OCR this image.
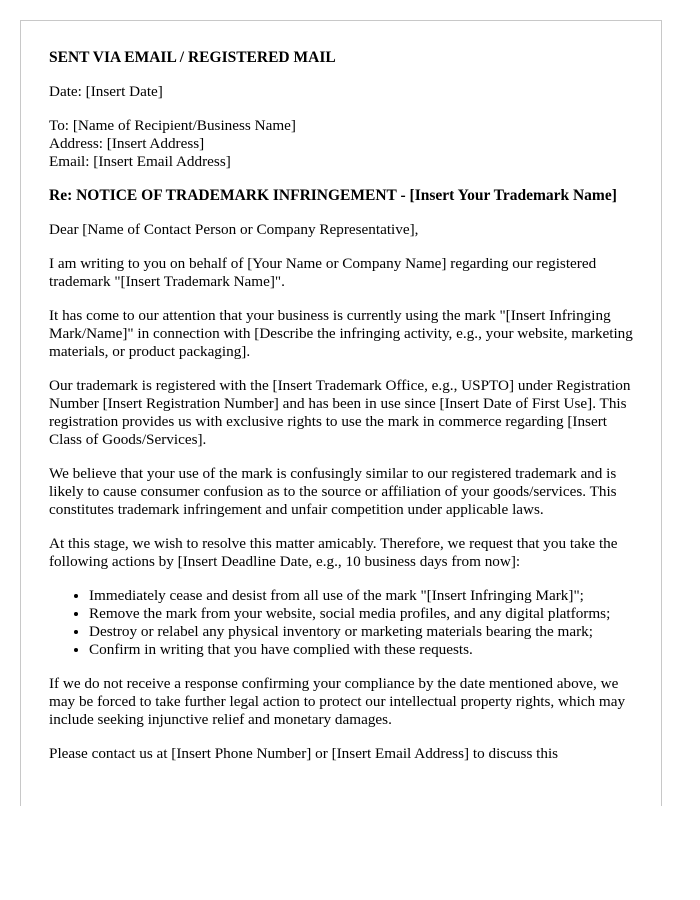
SENT VIA EMAIL / REGISTERED MAIL

Date: [Insert Date]

To: [Name of Recipient/Business Name]
Address: [Insert Address]
Email: [Insert Email Address]

Re: NOTICE OF TRADEMARK INFRINGEMENT - [Insert Your Trademark Name]

Dear [Name of Contact Person or Company Representative],

I am writing to you on behalf of [Your Name or Company Name] regarding our registered trademark "[Insert Trademark Name]".

It has come to our attention that your business is currently using the mark "[Insert Infringing Mark/Name]" in connection with [Describe the infringing activity, e.g., your website, marketing materials, or product packaging].

Our trademark is registered with the [Insert Trademark Office, e.g., USPTO] under Registration Number [Insert Registration Number] and has been in use since [Insert Date of First Use]. This registration provides us with exclusive rights to use the mark in commerce regarding [Insert Class of Goods/Services].

We believe that your use of the mark is confusingly similar to our registered trademark and is likely to cause consumer confusion as to the source or affiliation of your goods/services. This constitutes trademark infringement and unfair competition under applicable laws.

At this stage, we wish to resolve this matter amicably. Therefore, we request that you take the following actions by [Insert Deadline Date, e.g., 10 business days from now]:

• Immediately cease and desist from all use of the mark "[Insert Infringing Mark]";
• Remove the mark from your website, social media profiles, and any digital platforms;
• Destroy or relabel any physical inventory or marketing materials bearing the mark;
• Confirm in writing that you have complied with these requests.

If we do not receive a response confirming your compliance by the date mentioned above, we may be forced to take further legal action to protect our intellectual property rights, which may include seeking injunctive relief and monetary damages.

Please contact us at [Insert Phone Number] or [Insert Email Address] to discuss this
